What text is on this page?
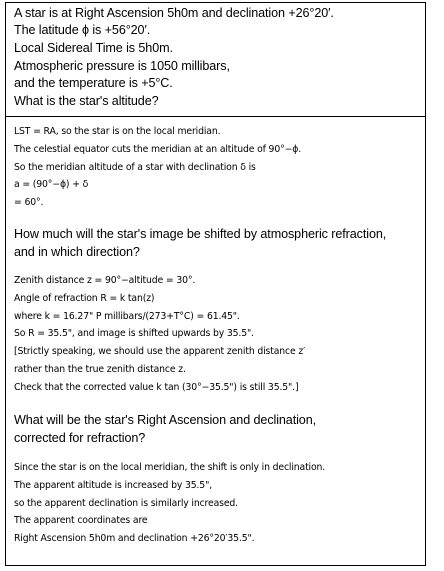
A star is at Right Ascension 5h0m and declination +26°20′.
The latitude ϕ is +56°20′.
Local Sidereal Time is 5h0m.
Atmospheric pressure is 1050 millibars,
and the temperature is +5°C.
What is the star's altitude?
LST = RA, so the star is on the local meridian.
The celestial equator cuts the meridian at an altitude of 90°−ϕ.
So the meridian altitude of a star with declination δ is
a = (90°−ϕ) + δ
= 60°.
How much will the star's image be shifted by atmospheric refraction,
and in which direction?
Zenith distance z = 90°−altitude = 30°.
Angle of refraction R = k tan(z)
where k = 16.27" P millibars/(273+T°C) = 61.45".
So R = 35.5", and image is shifted upwards by 35.5".
[Strictly speaking, we should use the apparent zenith distance z′
rather than the true zenith distance z.
Check that the corrected value k tan (30°−35.5") is still 35.5".]
What will be the star's Right Ascension and declination,
corrected for refraction?
Since the star is on the local meridian, the shift is only in declination.
The apparent altitude is increased by 35.5",
so the apparent declination is similarly increased.
The apparent coordinates are
Right Ascension 5h0m and declination +26°20′35.5".
